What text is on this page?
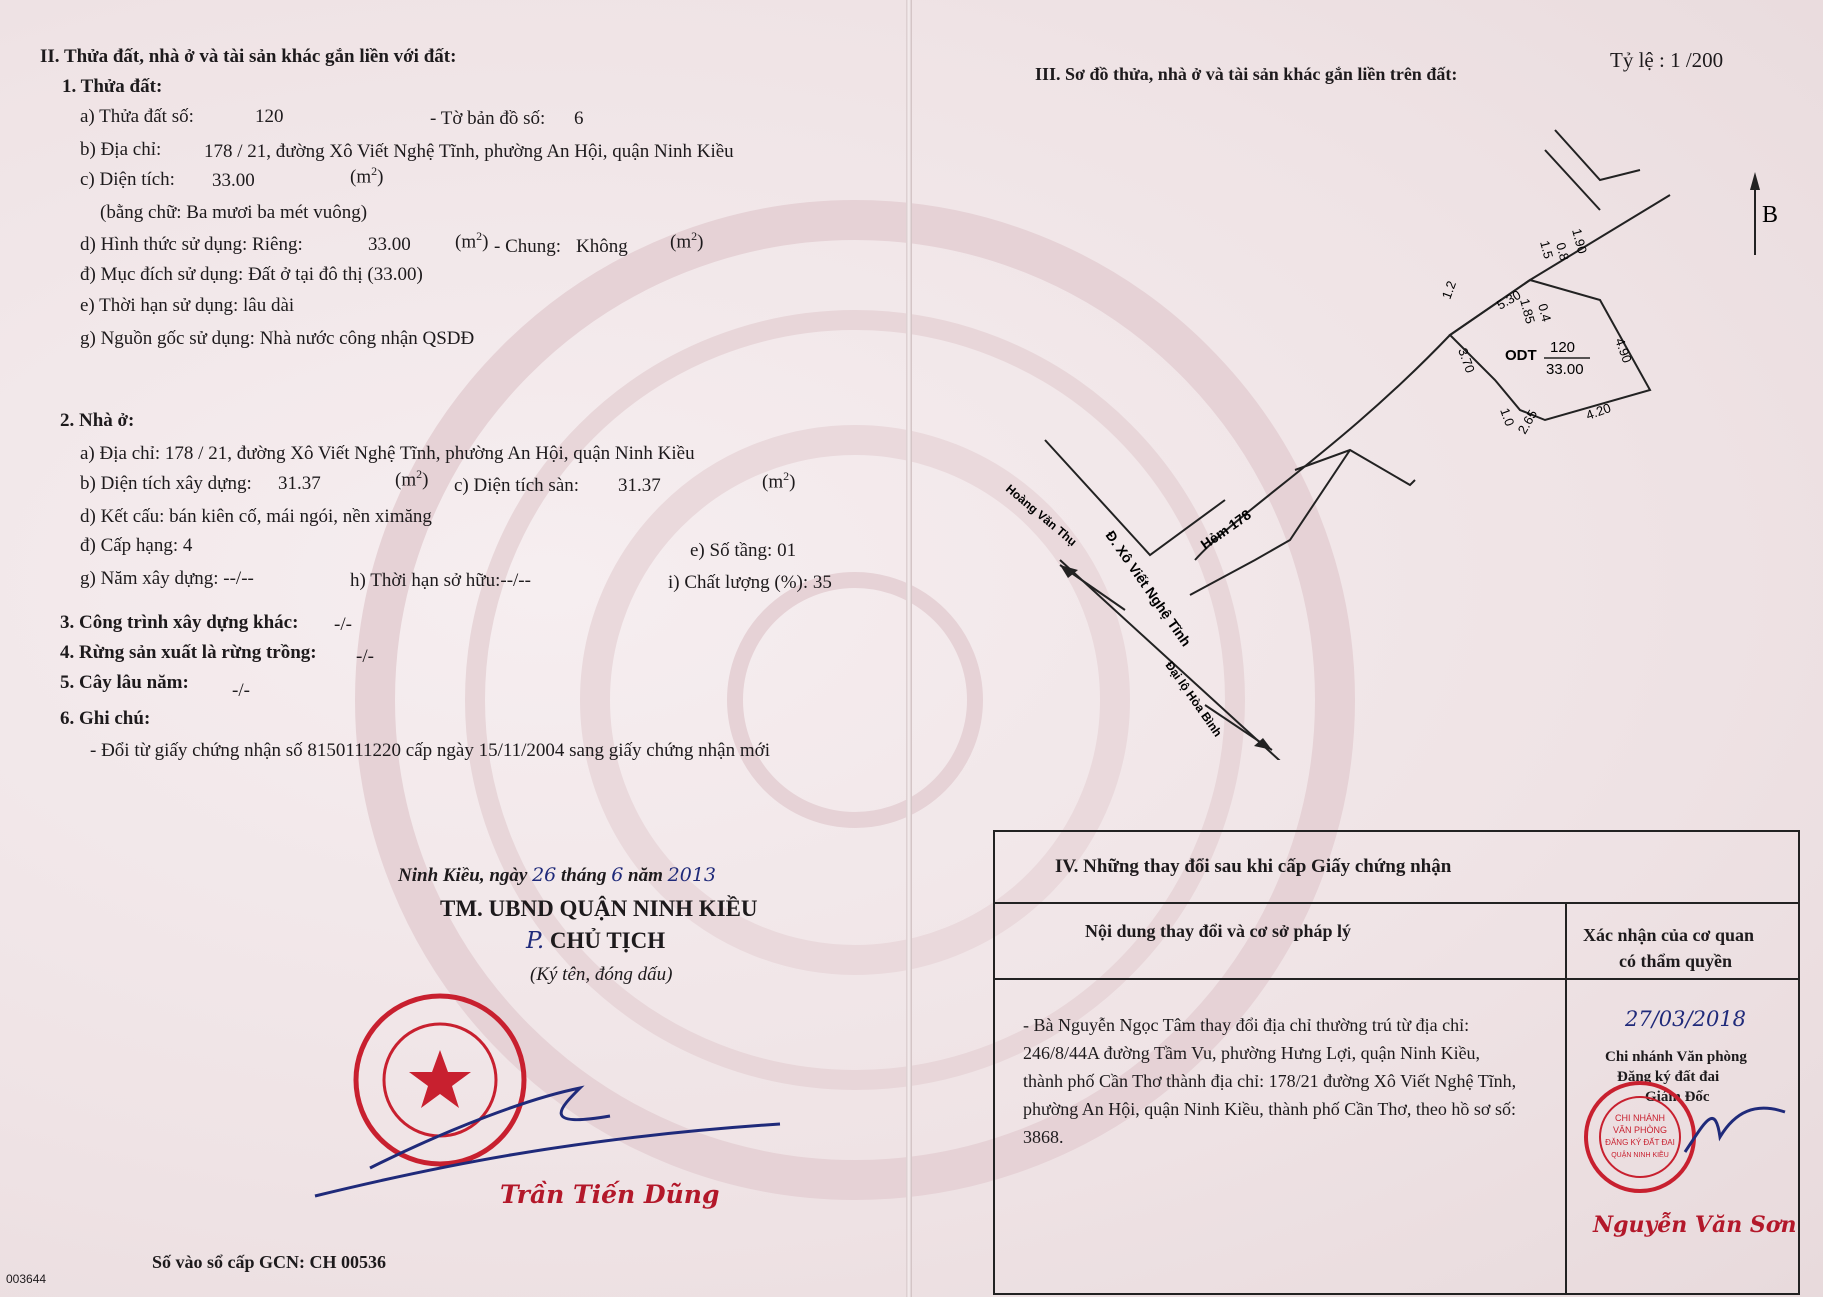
II. Thửa đất, nhà ở và tài sản khác gắn liền với đất:
1. Thửa đất:
a) Thửa đất số:	120	- Tờ bản đồ số: 6
b) Địa chỉ: 178 / 21, đường Xô Viết Nghệ Tĩnh, phường An Hội, quận Ninh Kiều
c) Diện tích: 33.00	$(m^2)$
(bằng chữ: Ba mươi ba mét vuông)
d) Hình thức sử dụng: Riêng:	33.00 $(m^2)$ - Chung: Không $(m^2)$
đ) Mục đích sử dụng: Đất ở tại đô thị (33.00)
e) Thời hạn sử dụng: lâu dài
g) Nguồn gốc sử dụng: Nhà nước công nhận QSDĐ
2. Nhà ở:
a) Địa chỉ: 178 / 21, đường Xô Viết Nghệ Tĩnh, phường An Hội, quận Ninh Kiều
b) Diện tích xây dựng: 31.37	$(m^2)$ c) Diện tích sàn: 31.37	$(m^2)$
d) Kết cấu: bán kiên cố, mái ngói, nền ximăng
đ) Cấp hạng: 4	e) Số tầng: 01
g) Năm xây dựng: --/--	h) Thời hạn sở hữu:--/--	i) Chất lượng (%): 35
3. Công trình xây dựng khác: -/-
4. Rừng sản xuất là rừng trồng: -/-
5. Cây lâu năm: -/-
6. Ghi chú:
- Đổi từ giấy chứng nhận số 8150111220 cấp ngày 15/11/2004 sang giấy chứng nhận mới
Ninh Kiều, ngày 26 tháng 6 năm 2013
TM. UBND QUẬN NINH KIỀU
P. CHỦ TỊCH
(Ký tên, đóng dấu)
Trần Tiến Dũng
Số vào sổ cấp GCN: CH 00536
003644
III. Sơ đồ thửa, nhà ở và tài sản khác gắn liền trên đất:
Tỷ lệ : 1 /200
B
1.85
0.4
1.90
1.5
0.8
5.30
1.2
4.90
3.70
1.0
2.65	4.20
ODT 120
33.00
Hẻm 178
Đ. Xô Viết Nghệ Tĩnh
Hoàng Văn Thụ
Đại lộ Hòa Bình
IV. Những thay đổi sau khi cấp Giấy chứng nhận
Nội dung thay đổi và cơ sở pháp lý	Xác nhận của cơ quan
có thẩm quyền
- Bà Nguyễn Ngọc Tâm thay đổi địa chỉ thường trú từ địa chỉ:
246/8/44A đường Tầm Vu, phường Hưng Lợi, quận Ninh Kiều,
thành phố Cần Thơ thành địa chỉ: 178/21 đường Xô Viết Nghệ Tĩnh,
phường An Hội, quận Ninh Kiều, thành phố Cần Thơ, theo hồ sơ số:
3868.
27/03/2018
Chi nhánh Văn phòng
Đăng ký đất đai
Giám Đốc
CHI NHÁNH
VĂN PHÒNG
ĐĂNG KÝ ĐẤT ĐAI
QUẬN NINH KIỀU
Nguyễn Văn Sơn
